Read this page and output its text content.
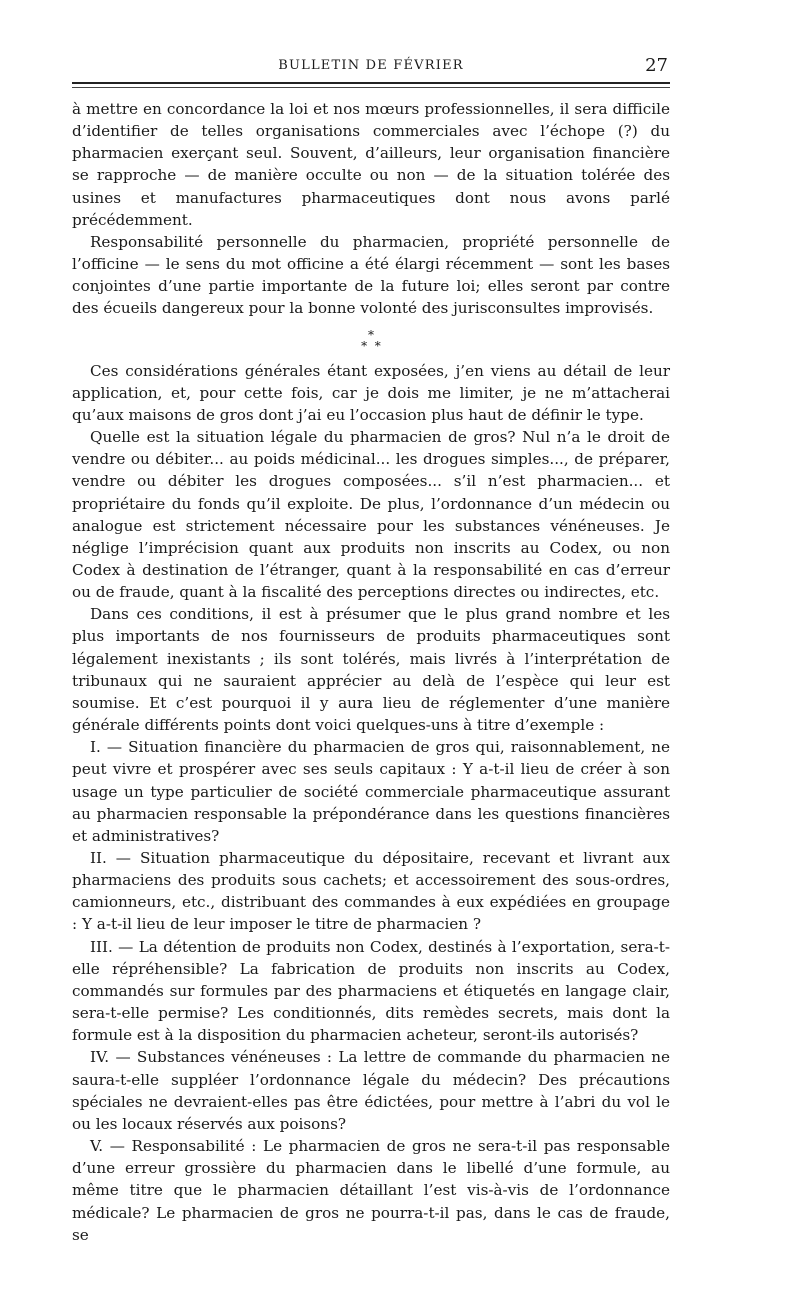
BULLETIN DE FÉVRIER	27

à mettre en concordance la loi et nos mœurs professionnelles, il sera difficile d’identifier de telles organisations commerciales avec l’échope (?) du pharmacien exerçant seul. Souvent, d’ailleurs, leur organisation financière se rapproche — de manière occulte ou non — de la situation tolérée des usines et manufactures pharmaceutiques dont nous avons parlé précédemment.

Responsabilité personnelle du pharmacien, propriété personnelle de l’officine — le sens du mot officine a été élargi récemment — sont les bases conjointes d’une partie importante de la future loi; elles seront par contre des écueils dangereux pour la bonne volonté des jurisconsultes improvisés.

*
*  *

Ces considérations générales étant exposées, j’en viens au détail de leur application, et, pour cette fois, car je dois me limiter, je ne m’attacherai qu’aux maisons de gros dont j’ai eu l’occasion plus haut de définir le type.

Quelle est la situation légale du pharmacien de gros? Nul n’a le droit de vendre ou débiter... au poids médicinal... les drogues simples..., de préparer, vendre ou débiter les drogues composées... s’il n’est pharmacien... et propriétaire du fonds qu’il exploite. De plus, l’ordonnance d’un médecin ou analogue est strictement nécessaire pour les substances vénéneuses. Je néglige l’imprécision quant aux produits non inscrits au Codex, ou non Codex à destination de l’étranger, quant à la responsabilité en cas d’erreur ou de fraude, quant à la fiscalité des perceptions directes ou indirectes, etc.

Dans ces conditions, il est à présumer que le plus grand nombre et les plus importants de nos fournisseurs de produits pharmaceutiques sont légalement inexistants ; ils sont tolérés, mais livrés à l’interprétation de tribunaux qui ne sauraient apprécier au delà de l’espèce qui leur est soumise. Et c’est pourquoi il y aura lieu de réglementer d’une manière générale différents points dont voici quelques-uns à titre d’exemple :

I. — Situation financière du pharmacien de gros qui, raisonnablement, ne peut vivre et prospérer avec ses seuls capitaux : Y a-t-il lieu de créer à son usage un type particulier de société commerciale pharmaceutique assurant au pharmacien responsable la prépondérance dans les questions financières et administratives?

II. — Situation pharmaceutique du dépositaire, recevant et livrant aux pharmaciens des produits sous cachets; et accessoirement des sous-ordres, camionneurs, etc., distribuant des commandes à eux expédiées en groupage : Y a-t-il lieu de leur imposer le titre de pharmacien ?

III. — La détention de produits non Codex, destinés à l’exportation, sera-t-elle répréhensible? La fabrication de produits non inscrits au Codex, commandés sur formules par des pharmaciens et étiquetés en langage clair, sera-t-elle permise? Les conditionnés, dits remèdes secrets, mais dont la formule est à la disposition du pharmacien acheteur, seront-ils autorisés?

IV. — Substances vénéneuses : La lettre de commande du pharmacien ne saura-t-elle suppléer l’ordonnance légale du médecin? Des précautions spéciales ne devraient-elles pas être édictées, pour mettre à l’abri du vol le ou les locaux réservés aux poisons?

V. — Responsabilité : Le pharmacien de gros ne sera-t-il pas responsable d’une erreur grossière du pharmacien dans le libellé d’une formule, au même titre que le pharmacien détaillant l’est vis-à-vis de l’ordonnance médicale? Le pharmacien de gros ne pourra-t-il pas, dans le cas de fraude, se
